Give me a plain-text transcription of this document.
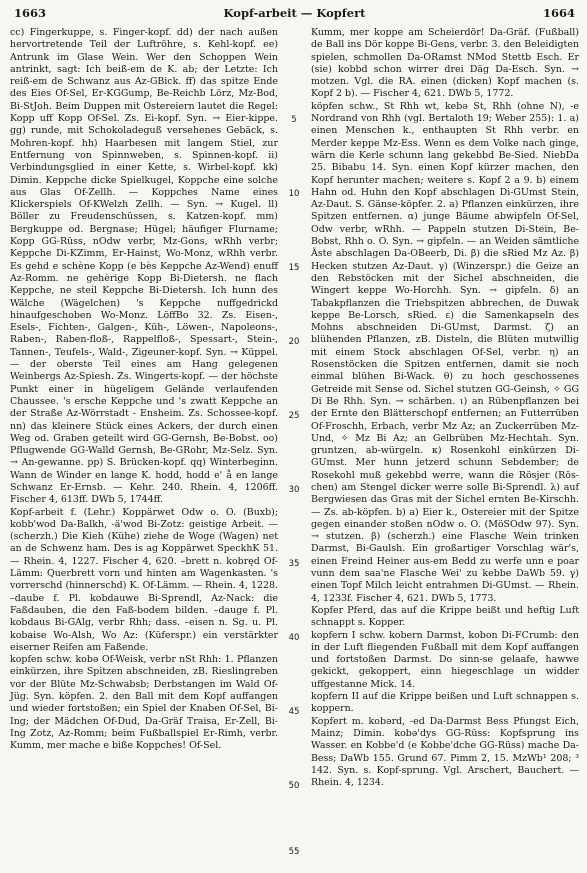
1663	Kopf-arbeit — Kopfert	1664

cc) Fingerkuppe, s. Finger-kopf. dd) der nach außen hervortretende Teil der Luftröhre, s. Kehl-kopf. ee) Antrunk im Glase Wein. Wer den Schoppen Wein antrinkt, sagt: Ich beiß-em de K. ab; der Letzte: Ich reiß-em de Schwanz aus Az-GBick. ff) das spitze Ende des Eies Of-Sel, Er-KGGump, Be-Reichb Lörz, Mz-Bod, Bi-StJoh. Beim Duppen mit Ostereiern lautet die Regel: Kopp uff Kopp Of-Sel. Zs. Ei-kopf. Syn. → Eier-kippe. gg) runde, mit Schokoladeguß versehenes Gebäck, s. Mohren-kopf. hh) Haarbesen mit langem Stiel, zur Entfernung von Spinnweben, s. Spinnen-kopf. ii) Verbindungsglied in einer Kette, s. Wirbel-kopf. kk) Dimin. Keppche dicke Spielkugel, Koppche eine solche aus Glas Of-Zellh. — Koppches Name eines Klickerspiels Of-KWelzh Zellh. — Syn. → Kugel. ll) Böller zu Freudenschüssen, s. Katzen-kopf. mm) Bergkuppe od. Bergnase; Hügel; häufiger Flurname; Kopp GG-Rüss, nOdw verbr, Mz-Gons, wRhh verbr; Keppche Di-KZimm, Er-Hainst, Wo-Monz, wRhh verbr. Es gehd e schène Kopp (e bès Keppche Az-Wend) enuff Az-Romm. ne gehèrige Kopp Bi-Dietersh. ne flach Keppche, ne steil Keppche Bi-Dietersh. Ich hunn des Wälche (Wägelchen) 's Keppche nuffgedrickd hinaufgeschoben Wo-Monz. LöffBo 32. Zs. Eisen-, Esels-, Fichten-, Galgen-, Küh-, Löwen-, Napoleons-, Raben-, Raben-floß-, Rappelfloß-, Spessart-, Stein-, Tannen-, Teufels-, Wald-, Zigeuner-kopf. Syn. → Küppel. — der oberste Teil eines am Hang gelegenen Weinbergs Az-Spiesh. Zs. Wingerts-kopf. — der höchste Punkt einer in hügeligem Gelände verlaufenden Chaussee. 's ersche Keppche und 's zwatt Keppche an der Straße Az-Wörrstadt - Ensheim. Zs. Schossee-kopf. nn) das kleinere Stück eines Ackers, der durch einen Weg od. Graben geteilt wird GG-Gernsh, Be-Bobst. oo) Pflugwende GG-Walld Gernsh, Be-GRohr, Mz-Selz. Syn. → An-gewanne. pp) S. Brücken-kopf. qq) Winterbeginn. Wann de Winder en lange K. hodd, hodd e' å en lange Schwanz Er-Ernsb. — Kehr. 240. Rhein. 4, 1206ff. Fischer 4, 613ff. DWb 5, 1744ff.

Kopf-arbeit f. (Lehr.) Koppärwet Odw o. O. (Buxb); kobb'wod Da-Balkh, -ä'wod Bi-Zotz: geistige Arbeit. — (scherzh.) Die Kieh (Kühe) ziehe de Woge (Wagen) net an de Schwenz ham. Des is ag Koppärwet SpeckhK 51. — Rhein. 4, 1227. Fischer 4, 620. –brett n. kobręd Of-Lämm: Querbrett vorn und hinten am Wagenkasten. 's vorrerschd (hinnerschd) K. Of-Lämm. — Rhein. 4, 1228. –daube f. Pl. kobdauwe Bi-Sprendl, Az-Nack: die Faßdauben, die den Faß-bodem bilden. –dauge f. Pl. kobdaus Bi-GAlg, verbr Rhh; dass. –eisen n. Sg. u. Pl. kobaise Wo-Alsh, Wo Az: (Küferspr.) ein verstärkter eiserner Reifen am Faßende.

kopfen schw. kobə Of-Weisk, verbr nSt Rhh: 1. Pflanzen einkürzen, ihre Spitzen abschneiden, zB. Rieslingreben vor der Blüte Mz-Schwabsb; Derbstangen im Wald Of-Jüg. Syn. köpfen. 2. den Ball mit dem Kopf auffangen und wieder fortstoßen; ein Spiel der Knaben Of-Sel, Bi-Ing; der Mädchen Of-Dud, Da-Gräf Traisa, Er-Zell, Bi-Ing Zotz, Az-Romm; beim Fußballspiel Er-Rimh, verbr. Kumm, mer mache e biße Koppches! Of-Sel.

5
10
15
20
25
30
35
40
45
50
55

Kumm, mer koppe am Scheierdör! Da-Gräf. (Fußball) de Ball ins Dör koppe Bi-Gens, verbr. 3. den Beleidigten spielen, schmollen Da-ORamst NMod Stettb Esch. Er (sie) kobbd schon wirrer drei Däg Da-Esch. Syn. → motzen. Vgl. die RA. einen (dicken) Kopf machen (s. Kopf 2 b). — Fischer 4, 621. DWb 5, 1772.

köpfen schw., St Rhh wt, kebə St, Rhh (ohne N), -e Nordrand von Rhh (vgl. Bertaloth 19; Weber 255): 1. a) einen Menschen k., enthaupten St Rhh verbr. en Merder keppe Mz-Ess. Wenn es dem Volke nach ginge, wärn die Kerle schunn lang gekebbd Be-Sied. NiebDa 25. Bibabu 14. Syn. einen Kopf kürzer machen, den Kopf herunter machen; weitere s. Kopf 2 a 9. b) einem Hahn od. Huhn den Kopf abschlagen Di-GUmst Stein, Az-Daut. S. Gänse-köpfer. 2. a) Pflanzen einkürzen, ihre Spitzen entfernen. α) junge Bäume abwipfeln Of-Sel, Odw verbr, wRhh. — Pappeln stutzen Di-Stein, Be-Bobst, Rhh o. O. Syn. → gipfeln. — an Weiden sämtliche Äste abschlagen Da-OBeerb, Di. β) die sRied Mz Az. β) Hecken stutzen Az-Daut. γ) (Winzerspr.) die Geize an den Rebstöcken mit der Sichel abschneiden, die Wingert keppe Wo-Horchh. Syn. → gipfeln. δ) an Tabakpflanzen die Triebspitzen abbrechen, de Duwak keppe Be-Lorsch, sRied. ε) die Samenkapseln des Mohns abschneiden Di-GUmst, Darmst. ζ) an blühenden Pflanzen, zB. Disteln, die Blüten mutwillig mit einem Stock abschlagen Of-Sel, verbr. η) an Rosenstöcken die Spitzen entfernen, damit sie noch einmal blühen Bi-Wack. θ) zu hoch geschossenes Getreide mit Sense od. Sichel stutzen GG-Geinsh, ✧ GG Di Be Rhh. Syn. → schärben. ι) an Rübenpflanzen bei der Ernte den Blätterschopf entfernen; an Futterrüben Of-Froschh, Erbach, verbr Mz Az; an Zuckerrüben Mz-Und, ✧ Mz Bi Az; an Gelbrüben Mz-Hechtah. Syn. gruntzen, ab-würgeln. κ) Rosenkohl einkürzen Di-GUmst. Mer hunn jetzerd schunn Sebdember; de Rosekohl muß gekebbd werre, wann die Rösjer (Rös-chen) am Stengel dicker werre solle Bi-Sprendl. λ) auf Bergwiesen das Gras mit der Sichel ernten Be-Kirschh. — Zs. ab-köpfen. b) a) Eier k., Ostereier mit der Spitze gegen einander stoßen nOdw o. O. (MöSOdw 97). Syn. → stutzen. β) (scherzh.) eine Flasche Wein trinken Darmst, Bi-Gaulsh. Ein großartiger Vorschlag wär's, einen Freind Heiner aus-em Bedd zu werfe unn e poar vunn dem saa'ne Flasche Wei' zu kebbe DaWb 59. γ) einen Topf Milch leicht entrahmen Di-GUmst. — Rhein. 4, 1233f. Fischer 4, 621. DWb 5, 1773.

Kopfer Pferd, das auf die Krippe beißt und heftig Luft schnappt s. Kopper.

kopfern I schw. kobern Darmst, kobon Di-FCrumb: den in der Luft fliegenden Fußball mit dem Kopf auffangen und fortstoßen Darmst. Do sinn-se gelaafe, hawwe gekickt, gekoppert, einn hiegeschlage un widder uffgestanne Mick. 14.

kopfern II auf die Krippe beißen und Luft schnappen s. koppern.

Kopfert m. kobərd, -ed Da-Darmst Bess Pfungst Eich, Mainz; Dimin. kobə'dys GG-Rüss: Kopfsprung ins Wasser. en Kobbe'd (e Kobbe'dche GG-Rüss) mache Da-Bess; DaWb 155. Grund 67. Pimm 2, 15. MzWb¹ 208; ³ 142. Syn. s. Kopf-sprung. Vgl. Arschert, Bauchert. — Rhein. 4, 1234.
